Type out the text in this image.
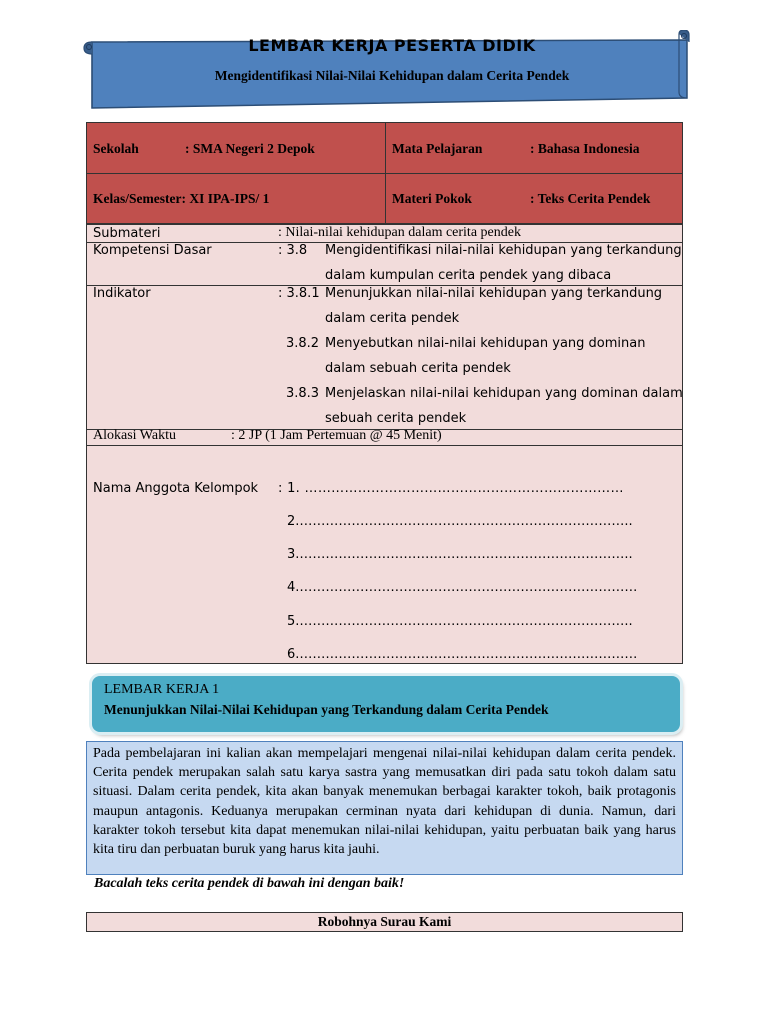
LEMBAR KERJA PESERTA DIDIK
Mengidentifikasi Nilai-Nilai Kehidupan dalam Cerita Pendek
Sekolah	: SMA Negeri 2 Depok	Mata Pelajaran	: Bahasa Indonesia
Kelas/Semester: XI IPA-IPS/ 1	Materi Pokok	: Teks Cerita Pendek
Submateri	: Nilai-nilai kehidupan dalam cerita pendek
Kompetensi Dasar	: 3.8 Mengidentifikasi nilai-nilai kehidupan yang terkandung
dalam kumpulan cerita pendek yang dibaca
Indikator	: 3.8.1 Menunjukkan nilai-nilai kehidupan yang terkandung
dalam cerita pendek
3.8.2 Menyebutkan nilai-nilai kehidupan yang dominan
dalam sebuah cerita pendek
3.8.3 Menjelaskan nilai-nilai kehidupan yang dominan dalam
sebuah cerita pendek
Alokasi Waktu	: 2 JP (1 Jam Pertemuan @ 45 Menit)
Nama Anggota Kelompok : 1. ………………………………………………………………
2.…………………………………………………………………..
3.…………………………………………………………………..
4.……………………………………………………………………
5.…………………………………………………………………..
6.……………………………………………………………………
LEMBAR KERJA 1
Menunjukkan Nilai-Nilai Kehidupan yang Terkandung dalam Cerita Pendek
Pada pembelajaran ini kalian akan mempelajari mengenai nilai-nilai kehidupan dalam cerita pendek. Cerita pendek merupakan salah satu karya sastra yang memusatkan diri pada satu tokoh dalam satu situasi. Dalam cerita pendek, kita akan banyak menemukan berbagai karakter tokoh, baik protagonis maupun antagonis. Keduanya merupakan cerminan nyata dari kehidupan di dunia. Namun, dari karakter tokoh tersebut kita dapat menemukan nilai-nilai kehidupan, yaitu perbuatan baik yang harus kita tiru dan perbuatan buruk yang harus kita jauhi.
Bacalah teks cerita pendek di bawah ini dengan baik!
Robohnya Surau Kami
